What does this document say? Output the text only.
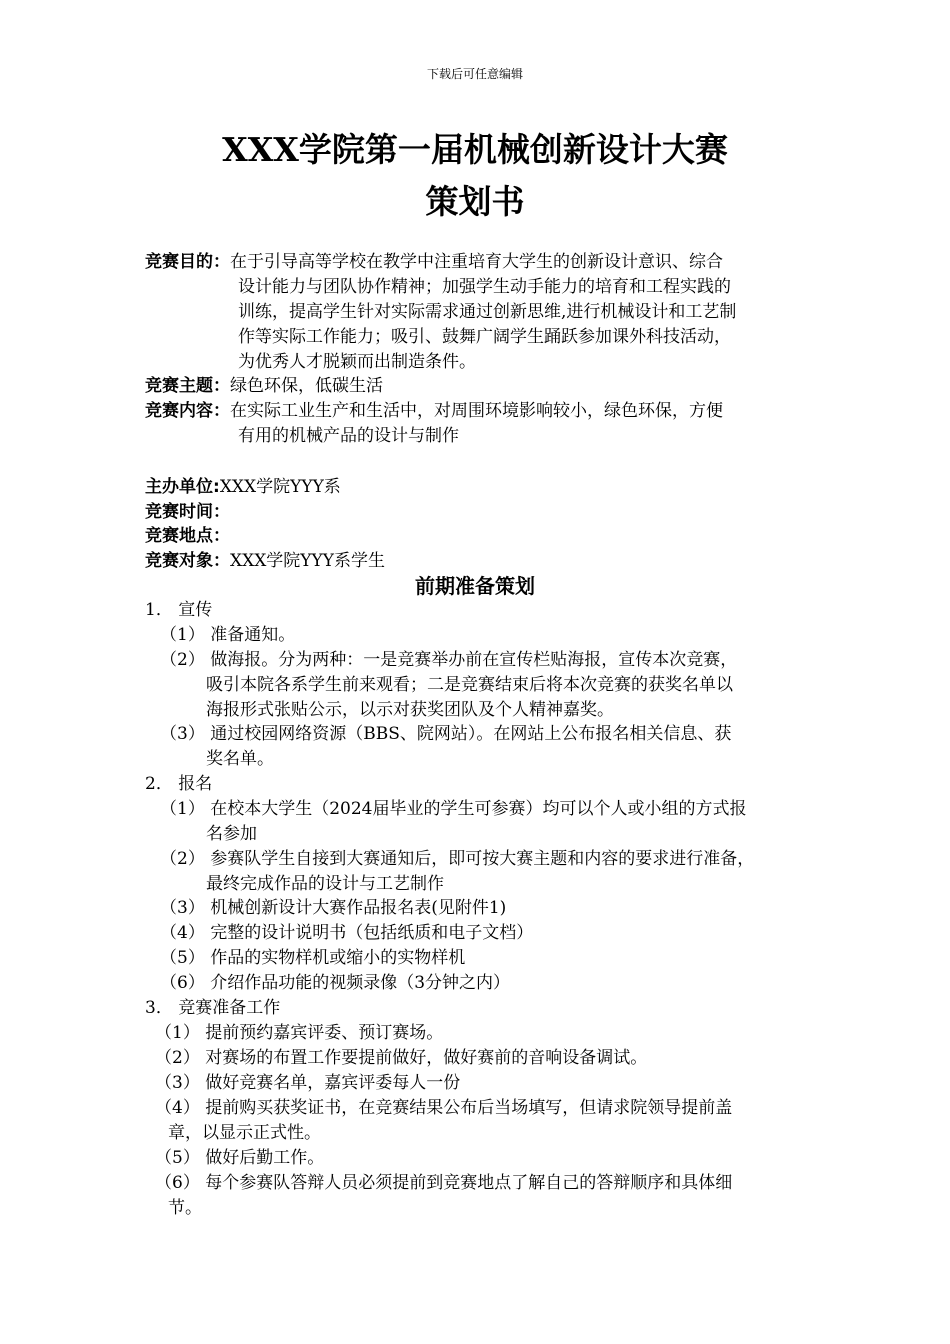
下载后可任意编辑
XXX学院第一届机械创新设计大赛
策划书
竞赛目的：在于引导高等学校在教学中注重培育大学生的创新设计意识、综合
设计能力与团队协作精神；加强学生动手能力的培育和工程实践的
训练，提高学生针对实际需求通过创新思维,进行机械设计和工艺制
作等实际工作能力；吸引、鼓舞广阔学生踊跃参加课外科技活动，
为优秀人才脱颖而出制造条件。
竞赛主题：绿色环保，低碳生活
竞赛内容：在实际工业生产和生活中，对周围环境影响较小，绿色环保，方便
有用的机械产品的设计与制作
主办单位:XXX学院YYY系
竞赛时间：
竞赛地点：
竞赛对象：XXX学院YYY系学生
前期准备策划
1． 宣传
（1） 准备通知。
（2） 做海报。分为两种：一是竞赛举办前在宣传栏贴海报，宣传本次竞赛，
吸引本院各系学生前来观看；二是竞赛结束后将本次竞赛的获奖名单以
海报形式张贴公示，以示对获奖团队及个人精神嘉奖。
（3） 通过校园网络资源（BBS、院网站）。在网站上公布报名相关信息、获
奖名单。
2． 报名
（1） 在校本大学生（2024届毕业的学生可参赛）均可以个人或小组的方式报
名参加
（2） 参赛队学生自接到大赛通知后，即可按大赛主题和内容的要求进行准备，
最终完成作品的设计与工艺制作
（3） 机械创新设计大赛作品报名表(见附件1)
（4） 完整的设计说明书（包括纸质和电子文档）
（5） 作品的实物样机或缩小的实物样机
（6） 介绍作品功能的视频录像（3分钟之内）
3． 竞赛准备工作
（1） 提前预约嘉宾评委、预订赛场。
（2） 对赛场的布置工作要提前做好，做好赛前的音响设备调试。
（3） 做好竞赛名单，嘉宾评委每人一份
（4） 提前购买获奖证书，在竞赛结果公布后当场填写，但请求院领导提前盖
章，以显示正式性。
（5） 做好后勤工作。
（6） 每个参赛队答辩人员必须提前到竞赛地点了解自己的答辩顺序和具体细
节。
